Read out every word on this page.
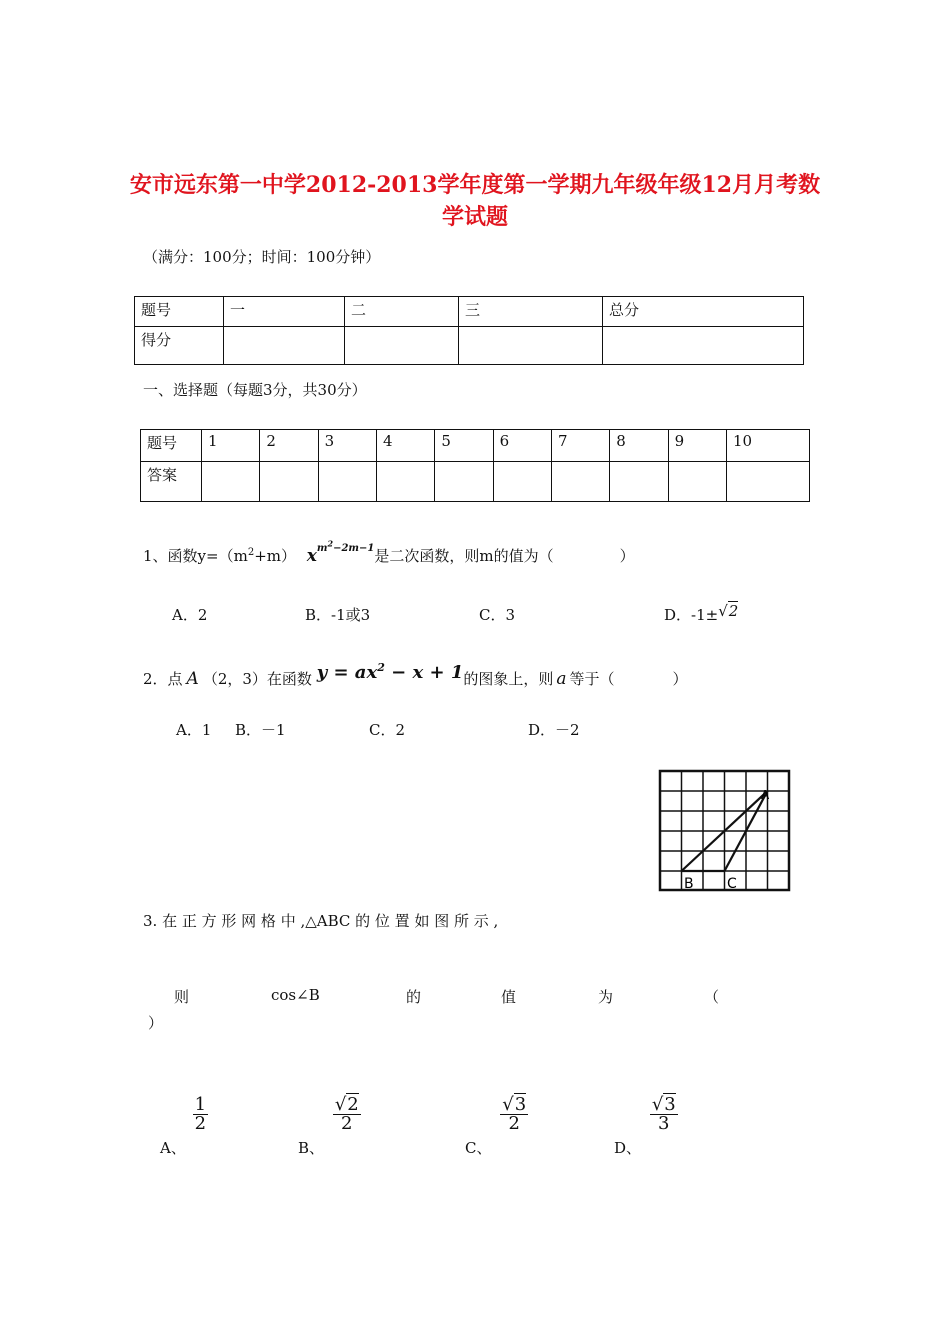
安市远东第一中学2012-2013学年度第一学期九年级年级12月月考数
学试题
（满分：100分；时间：100分钟）
题号	一	二	三	总分
得分				
一、选择题（每题3分，共30分）
题号	1	2	3	4	5	6	7	8	9	10
答案										
1、函数$y=(m^2+m)$ $x^{m^2-2m-1}$是二次函数，则m的值为（	）
A．2	B．-1或3	C．3	D．-1±√2
2．点 A （2，3）在函数 $y = ax^2 - x + 1$的图象上，则 a 等于（	）
A．1 B．－1	C．2	D．－2
B C
A
3. 在 正 方 形 网 格 中 ,△ABC 的 位 置 如 图 所 示 ,
则	cos∠B	的	值	为	（
）
A、
$\frac{1}{2}$
B、
$\frac{√2}{2}$
C、
$\frac{√3}{2}$
D、
$\frac{√3}{3}$
